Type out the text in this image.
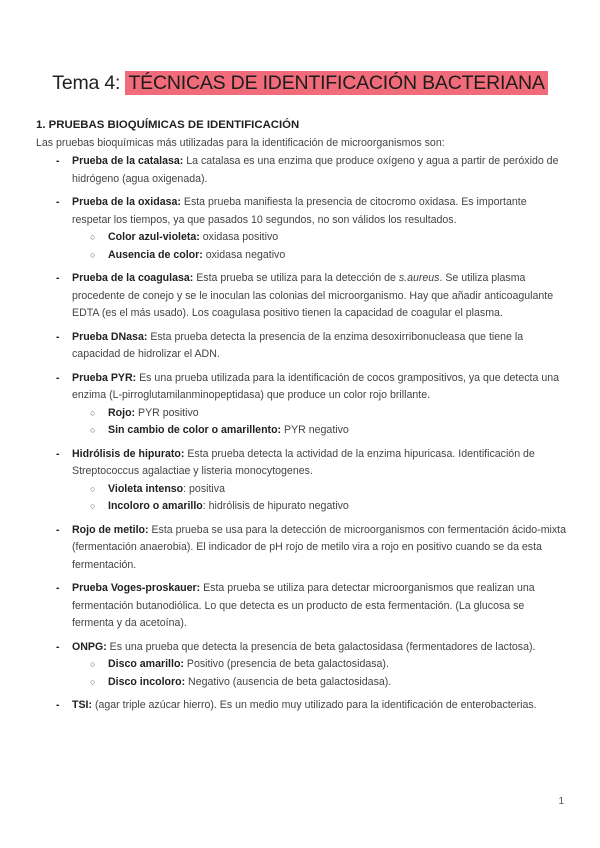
Tema 4: TÉCNICAS DE IDENTIFICACIÓN BACTERIANA
1. PRUEBAS BIOQUÍMICAS DE IDENTIFICACIÓN
Las pruebas bioquímicas más utilizadas para la identificación de microorganismos son:
- Prueba de la catalasa: La catalasa es una enzima que produce oxígeno y agua a partir de peróxido de hidrógeno (agua oxigenada).
- Prueba de la oxidasa: Esta prueba manifiesta la presencia de citocromo oxidasa. Es importante respetar los tiempos, ya que pasados 10 segundos, no son válidos los resultados.
○ Color azul-violeta: oxidasa positivo
○ Ausencia de color: oxidasa negativo
- Prueba de la coagulasa: Esta prueba se utiliza para la detección de s.aureus. Se utiliza plasma procedente de conejo y se le inoculan las colonias del microorganismo. Hay que añadir anticoagulante EDTA (es el más usado). Los coagulasa positivo tienen la capacidad de coagular el plasma.
- Prueba DNasa: Esta prueba detecta la presencia de la enzima desoxirribonucleasa que tiene la capacidad de hidrolizar el ADN.
- Prueba PYR: Es una prueba utilizada para la identificación de cocos grampositivos, ya que detecta una enzima (L-pirroglutamilanminopeptidasa) que produce un color rojo brillante.
○ Rojo: PYR positivo
○ Sin cambio de color o amarillento: PYR negativo
- Hidrólisis de hipurato: Esta prueba detecta la actividad de la enzima hipuricasa. Identificación de Streptococcus agalactiae y listeria monocytogenes.
○ Violeta intenso: positiva
○ Incoloro o amarillo: hidrólisis de hipurato negativo
- Rojo de metilo: Esta prueba se usa para la detección de microorganismos con fermentación ácido-mixta (fermentación anaerobia). El indicador de pH rojo de metilo vira a rojo en positivo cuando se da esta fermentación.
- Prueba Voges-proskauer: Esta prueba se utiliza para detectar microorganismos que realizan una fermentación butanodiólica. Lo que detecta es un producto de esta fermentación. (La glucosa se fermenta y da acetoína).
- ONPG: Es una prueba que detecta la presencia de beta galactosidasa (fermentadores de lactosa).
○ Disco amarillo: Positivo (presencia de beta galactosidasa).
○ Disco incoloro: Negativo (ausencia de beta galactosidasa).
- TSI: (agar triple azúcar hierro). Es un medio muy utilizado para la identificación de enterobacterias.
1
